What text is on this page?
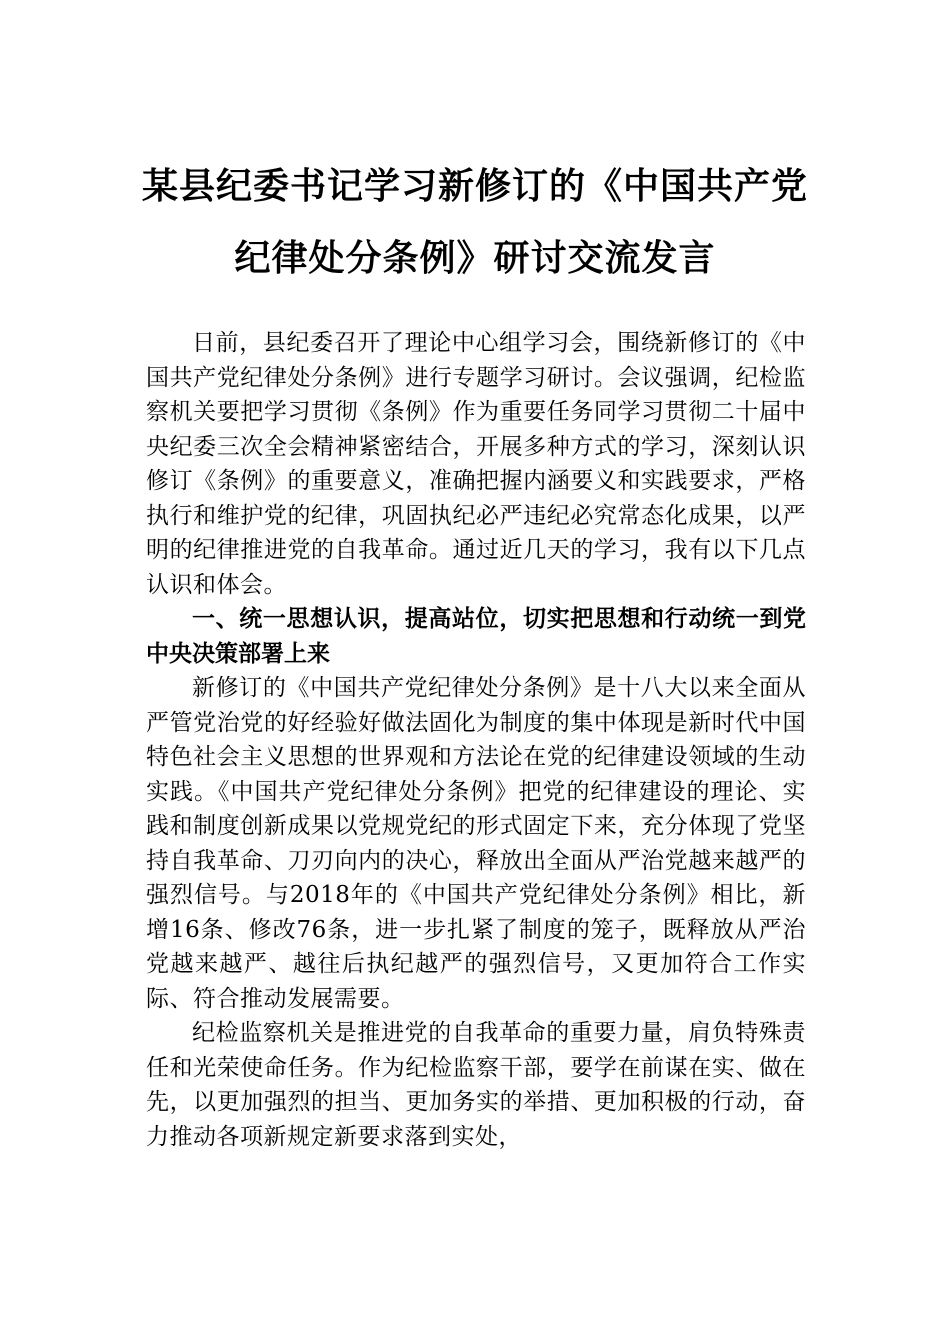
某县纪委书记学习新修订的《中国共产党
纪律处分条例》研讨交流发言

日前，县纪委召开了理论中心组学习会，围绕新修订的《中国共产党纪律处分条例》进行专题学习研讨。会议强调，纪检监察机关要把学习贯彻《条例》作为重要任务同学习贯彻二十届中央纪委三次全会精神紧密结合，开展多种方式的学习，深刻认识修订《条例》的重要意义，准确把握内涵要义和实践要求，严格执行和维护党的纪律，巩固执纪必严违纪必究常态化成果，以严明的纪律推进党的自我革命。通过近几天的学习，我有以下几点认识和体会。

一、统一思想认识，提高站位，切实把思想和行动统一到党中央决策部署上来

新修订的《中国共产党纪律处分条例》是十八大以来全面从严管党治党的好经验好做法固化为制度的集中体现是新时代中国特色社会主义思想的世界观和方法论在党的纪律建设领域的生动实践。《中国共产党纪律处分条例》把党的纪律建设的理论、实践和制度创新成果以党规党纪的形式固定下来，充分体现了党坚持自我革命、刀刃向内的决心，释放出全面从严治党越来越严的强烈信号。与2018年的《中国共产党纪律处分条例》相比，新增16条、修改76条，进一步扎紧了制度的笼子，既释放从严治党越来越严、越往后执纪越严的强烈信号，又更加符合工作实际、符合推动发展需要。

纪检监察机关是推进党的自我革命的重要力量，肩负特殊责任和光荣使命任务。作为纪检监察干部，要学在前谋在实、做在先，以更加强烈的担当、更加务实的举措、更加积极的行动，奋力推动各项新规定新要求落到实处，
